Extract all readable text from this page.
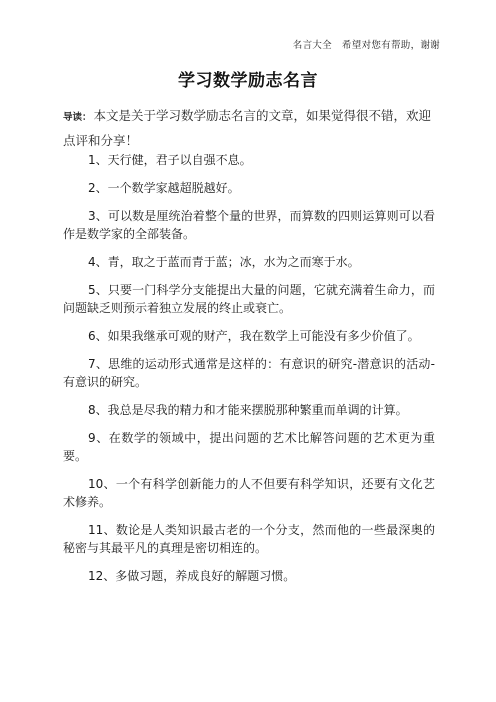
名言大全 希望对您有帮助，谢谢
学习数学励志名言
导读： 本文是关于学习数学励志名言的文章，如果觉得很不错，欢迎点评和分享！
1、天行健，君子以自强不息。
2、一个数学家越超脱越好。
3、可以数是厘统治着整个量的世界，而算数的四则运算则可以看作是数学家的全部装备。
4、青，取之于蓝而青于蓝；冰，水为之而寒于水。
5、只要一门科学分支能提出大量的问题，它就充满着生命力，而问题缺乏则预示着独立发展的终止或衰亡。
6、如果我继承可观的财产，我在数学上可能没有多少价值了。
7、思维的运动形式通常是这样的：有意识的研究-潜意识的活动-有意识的研究。
8、我总是尽我的精力和才能来摆脱那种繁重而单调的计算。
9、在数学的领域中，提出问题的艺术比解答问题的艺术更为重要。
10、一个有科学创新能力的人不但要有科学知识，还要有文化艺术修养。
11、数论是人类知识最古老的一个分支，然而他的一些最深奥的秘密与其最平凡的真理是密切相连的。
12、多做习题，养成良好的解题习惯。
